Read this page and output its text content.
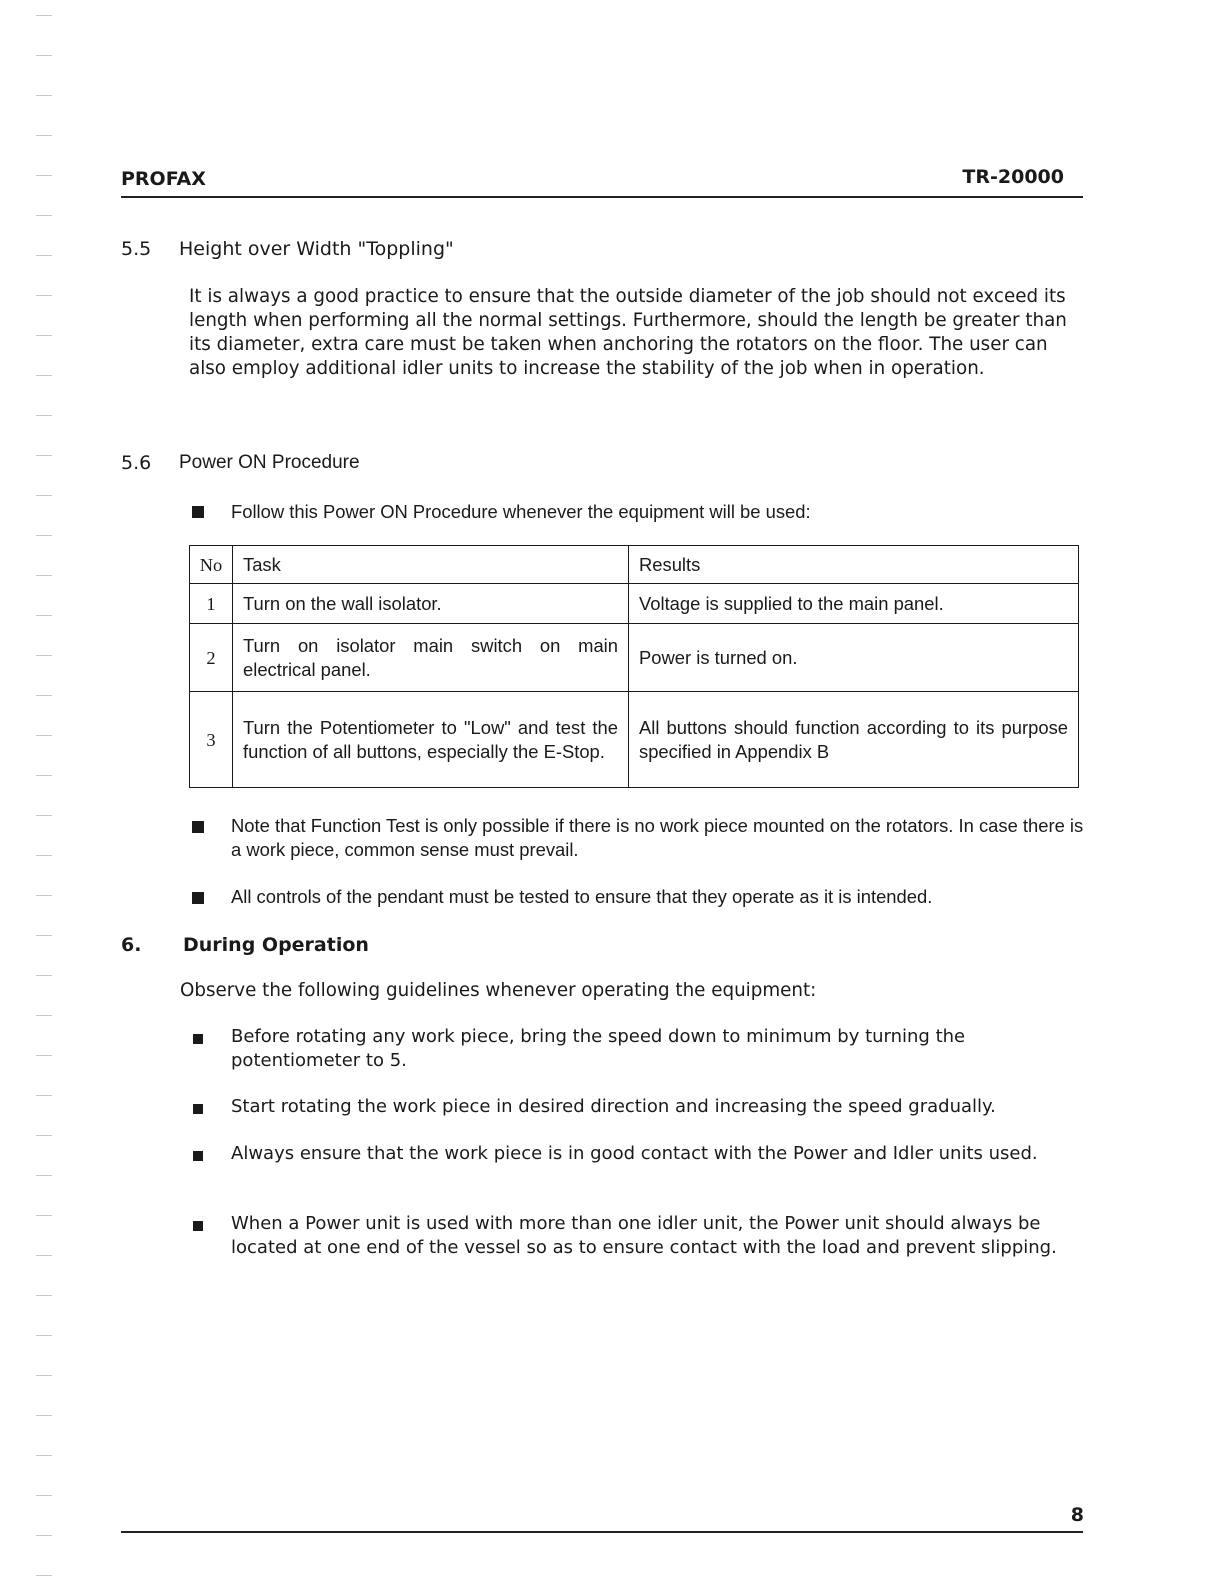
PROFAX	TR-20000
5.5 Height over Width "Toppling"
It is always a good practice to ensure that the outside diameter of the job should not exceed its length when performing all the normal settings. Furthermore, should the length be greater than its diameter, extra care must be taken when anchoring the rotators on the floor. The user can also employ additional idler units to increase the stability of the job when in operation.
5.6 Power ON Procedure
Follow this Power ON Procedure whenever the equipment will be used:
No	Task	Results
1	Turn on the wall isolator.	Voltage is supplied to the main panel.
2	Turn on isolator main switch on main electrical panel.	Power is turned on.
3	Turn the Potentiometer to "Low" and test the function of all buttons, especially the E-Stop.	All buttons should function according to its purpose specified in Appendix B
Note that Function Test is only possible if there is no work piece mounted on the rotators. In case there is a work piece, common sense must prevail.
All controls of the pendant must be tested to ensure that they operate as it is intended.
6. During Operation
Observe the following guidelines whenever operating the equipment:
Before rotating any work piece, bring the speed down to minimum by turning the potentiometer to 5.
Start rotating the work piece in desired direction and increasing the speed gradually.
Always ensure that the work piece is in good contact with the Power and Idler units used.
When a Power unit is used with more than one idler unit, the Power unit should always be located at one end of the vessel so as to ensure contact with the load and prevent slipping.
8
